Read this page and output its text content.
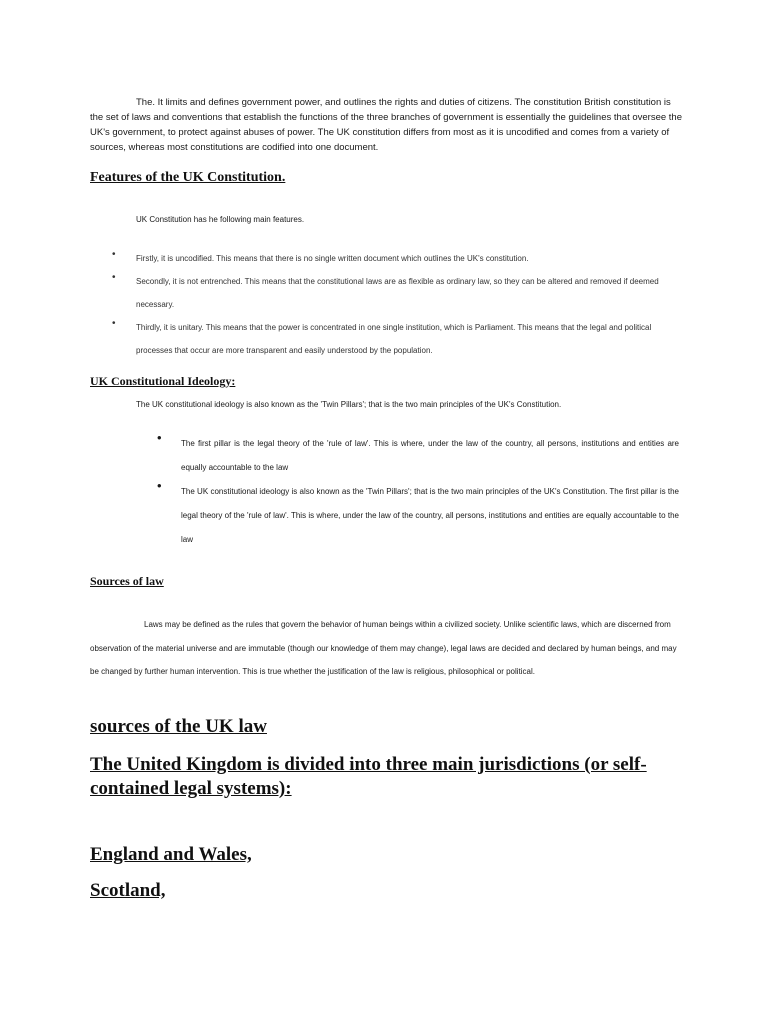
The. It limits and defines government power, and outlines the rights and duties of citizens. The constitution British constitution is the set of laws and conventions that establish the functions of the three branches of government is essentially the guidelines that oversee the UK's government, to protect against abuses of power. The UK constitution differs from most as it is uncodified and comes from a variety of sources, whereas most constitutions are codified into one document.

Features of the UK Constitution.

UK Constitution has he following main features.

•	Firstly, it is uncodified. This means that there is no single written document which outlines the UK's constitution.
•	Secondly, it is not entrenched. This means that the constitutional laws are as flexible as ordinary law, so they can be altered and removed if deemed necessary.
•	Thirdly, it is unitary. This means that the power is concentrated in one single institution, which is Parliament. This means that the legal and political processes that occur are more transparent and easily understood by the population.
UK Constitutional Ideology:

The UK constitutional ideology is also known as the 'Twin Pillars'; that is the two main principles of the UK's Constitution.

• The first pillar is the legal theory of the 'rule of law'. This is where, under the law of the country, all persons, institutions and entities are equally accountable to the law
• The UK constitutional ideology is also known as the 'Twin Pillars'; that is the two main principles of the UK's Constitution. The first pillar is the legal theory of the 'rule of law'. This is where, under the law of the country, all persons, institutions and entities are equally accountable to the law
Sources of law

Laws may be defined as the rules that govern the behavior of human beings within a civilized society. Unlike scientific laws, which are discerned from observation of the material universe and are immutable (though our knowledge of them may change), legal laws are decided and declared by human beings, and may be changed by further human intervention. This is true whether the justification of the law is religious, philosophical or political.

sources of the UK law
The United Kingdom is divided into three main jurisdictions (or self-contained legal systems):
England and Wales,
Scotland,
